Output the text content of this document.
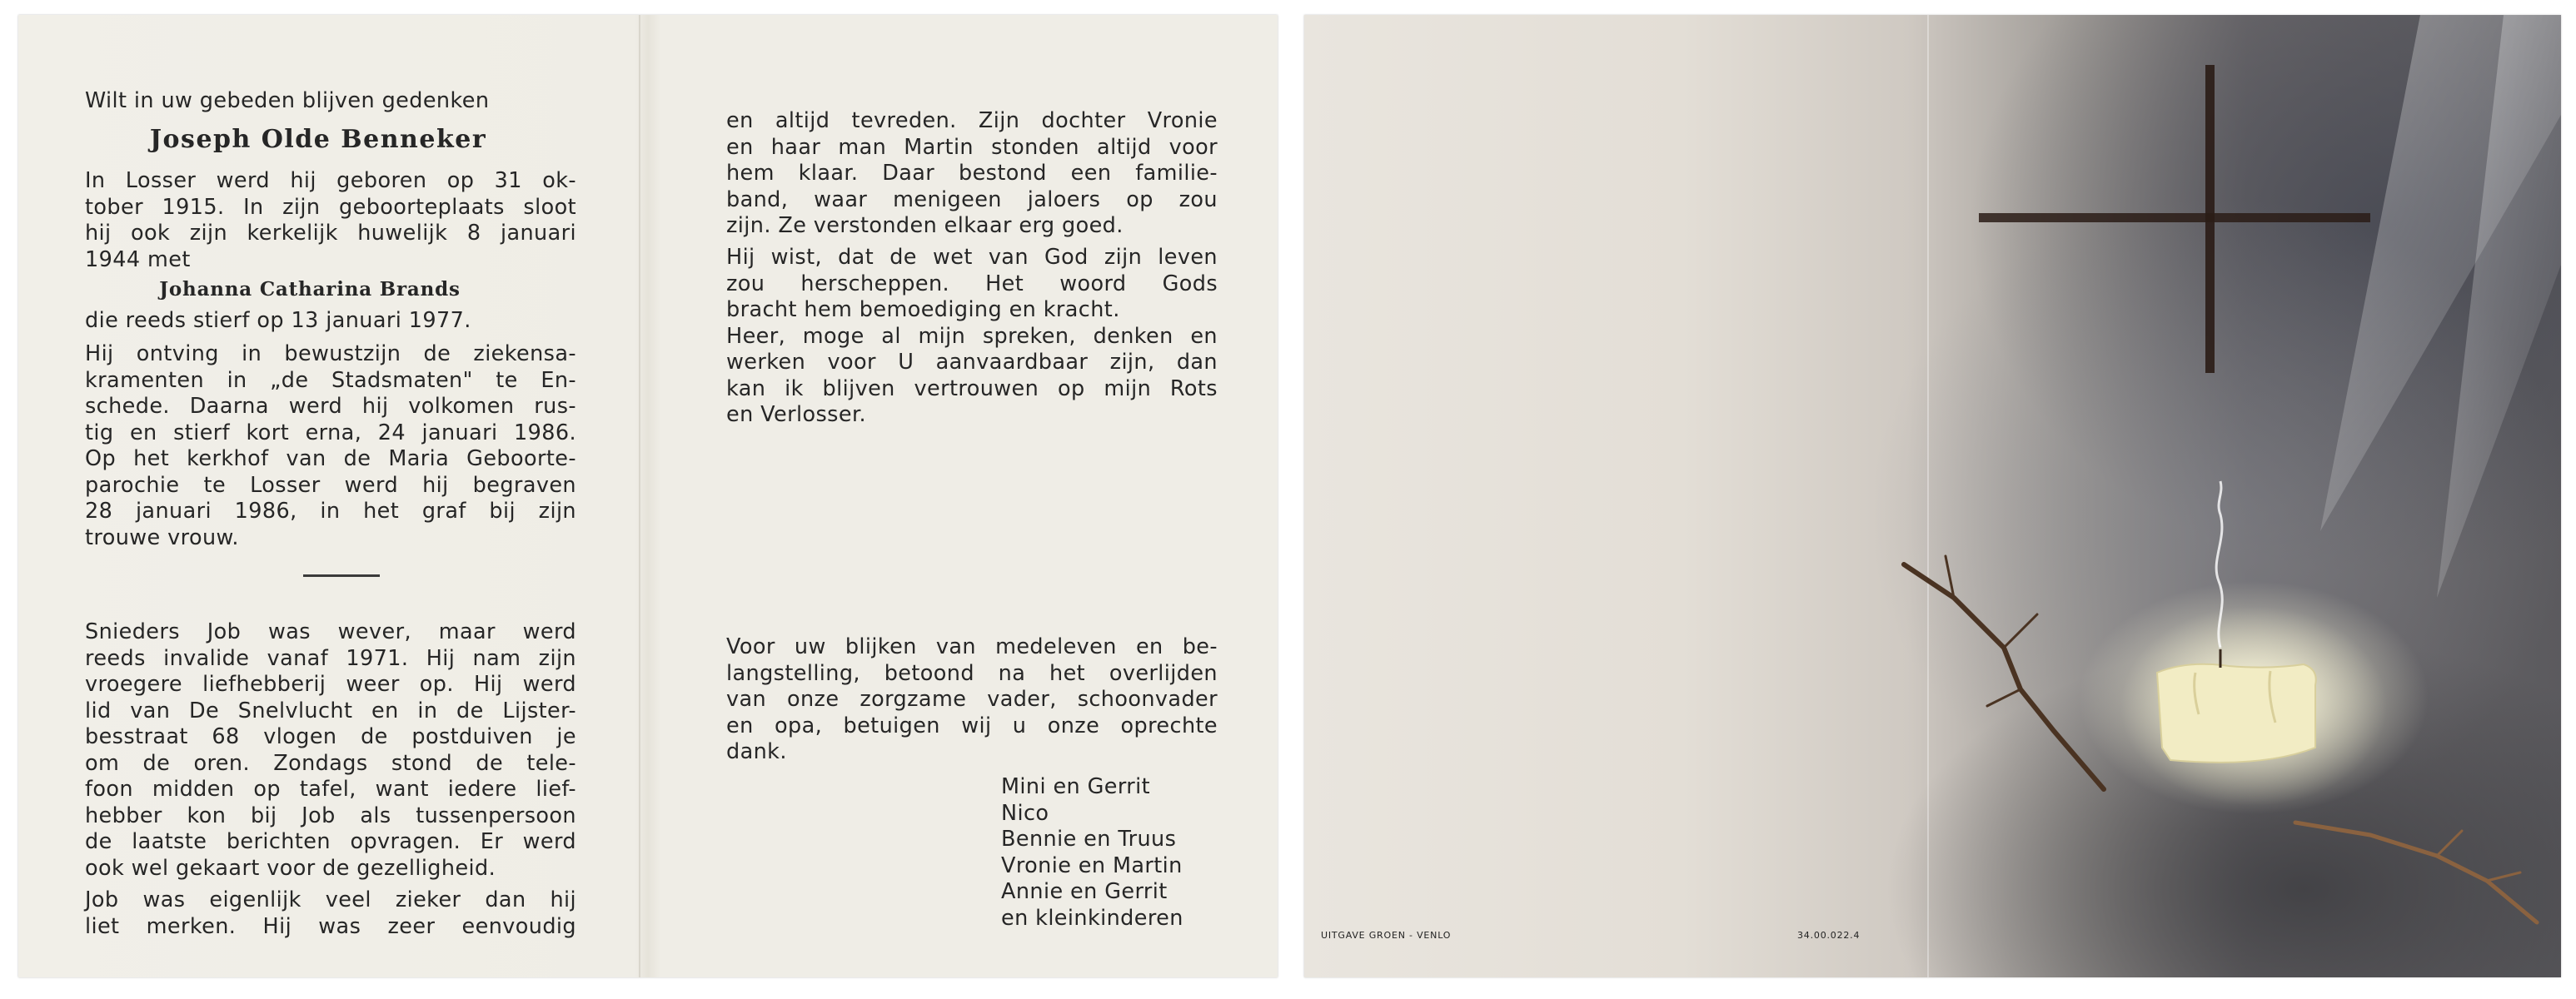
Wilt in uw gebeden blijven gedenken
Joseph Olde Benneker
In Losser werd hij geboren op 31 ok-
tober 1915. In zijn geboorteplaats sloot
hij ook zijn kerkelijk huwelijk 8 januari
1944 met
Johanna Catharina Brands
die reeds stierf op 13 januari 1977.
Hij ontving in bewustzijn de ziekensa-
kramenten in „de Stadsmaten" te En-
schede. Daarna werd hij volkomen rus-
tig en stierf kort erna, 24 januari 1986.
Op het kerkhof van de Maria Geboorte-
parochie te Losser werd hij begraven
28 januari 1986, in het graf bij zijn
trouwe vrouw.
Snieders Job was wever, maar werd
reeds invalide vanaf 1971. Hij nam zijn
vroegere liefhebberij weer op. Hij werd
lid van De Snelvlucht en in de Lijster-
besstraat 68 vlogen de postduiven je
om de oren. Zondags stond de tele-
foon midden op tafel, want iedere lief-
hebber kon bij Job als tussenpersoon
de laatste berichten opvragen. Er werd
ook wel gekaart voor de gezelligheid.
Job was eigenlijk veel zieker dan hij
liet merken. Hij was zeer eenvoudig
en altijd tevreden. Zijn dochter Vronie
en haar man Martin stonden altijd voor
hem klaar. Daar bestond een familie-
band, waar menigeen jaloers op zou
zijn. Ze verstonden elkaar erg goed.
Hij wist, dat de wet van God zijn leven
zou herscheppen. Het woord Gods
bracht hem bemoediging en kracht.
Heer, moge al mijn spreken, denken en
werken voor U aanvaardbaar zijn, dan
kan ik blijven vertrouwen op mijn Rots
en Verlosser.
Voor uw blijken van medeleven en be-
langstelling, betoond na het overlijden
van onze zorgzame vader, schoonvader
en opa, betuigen wij u onze oprechte
dank.
Mini en Gerrit
Nico
Bennie en Truus
Vronie en Martin
Annie en Gerrit
en kleinkinderen
UITGAVE GROEN - VENLO	34.00.022.4
